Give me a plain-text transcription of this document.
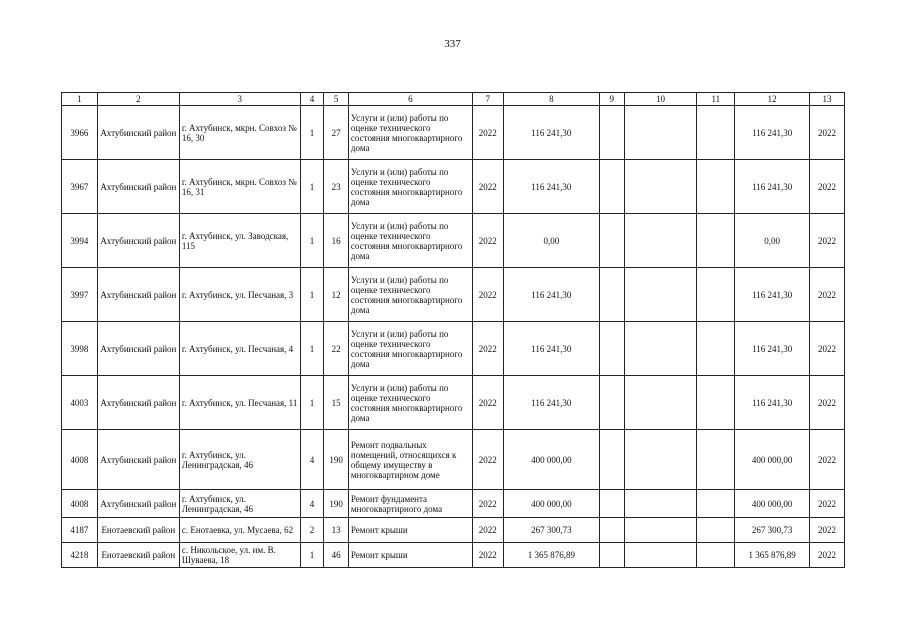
337
1	2	3	4	5	6	7	8	9	10	11	12	13
3966	Ахтубинский район	г. Ахтубинск, мкрн. Совхоз № 16, 30	1	27	Услуги и (или) работы по оценке технического состояния многоквартирного дома	2022	116 241,30				116 241,30	2022
3967	Ахтубинский район	г. Ахтубинск, мкрн. Совхоз № 16, 31	1	23	Услуги и (или) работы по оценке технического состояния многоквартирного дома	2022	116 241,30				116 241,30	2022
3994	Ахтубинский район	г. Ахтубинск, ул. Заводская, 115	1	16	Услуги и (или) работы по оценке технического состояния многоквартирного дома	2022	0,00				0,00	2022
3997	Ахтубинский район	г. Ахтубинск, ул. Песчаная, 3	1	12	Услуги и (или) работы по оценке технического состояния многоквартирного дома	2022	116 241,30				116 241,30	2022
3998	Ахтубинский район	г. Ахтубинск, ул. Песчаная, 4	1	22	Услуги и (или) работы по оценке технического состояния многоквартирного дома	2022	116 241,30				116 241,30	2022
4003	Ахтубинский район	г. Ахтубинск, ул. Песчаная, 11	1	15	Услуги и (или) работы по оценке технического состояния многоквартирного дома	2022	116 241,30				116 241,30	2022
4008	Ахтубинский район	г. Ахтубинск, ул. Ленинградская, 46	4	190	Ремонт подвальных помещений, относящихся к общему имуществу в многоквартирном доме	2022	400 000,00				400 000,00	2022
4008	Ахтубинский район	г. Ахтубинск, ул. Ленинградская, 46	4	190	Ремонт фундамента многоквартирного дома	2022	400 000,00				400 000,00	2022
4187	Енотаевский район	с. Енотаевка, ул. Мусаева, 62	2	13	Ремонт крыши	2022	267 300,73				267 300,73	2022
4218	Енотаевский район	с. Никольское, ул. им. В. Шуваева, 18	1	46	Ремонт крыши	2022	1 365 876,89				1 365 876,89	2022
